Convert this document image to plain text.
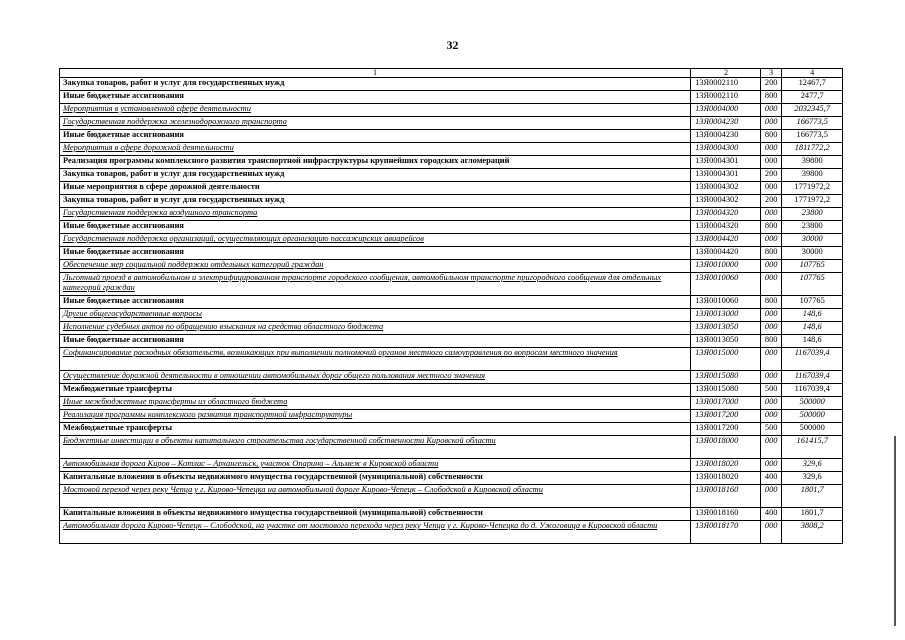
32
1	2	3	4
Закупка товаров, работ и услуг для государственных нужд	13Я0002110	200	12467,7
Иные бюджетные ассигнования	13Я0002110	800	2477,7
Мероприятия в установленной сфере деятельности	13Я0004000	000	2032345,7
Государственная поддержка железнодорожного транспорта	13Я0004230	000	166773,5
Иные бюджетные ассигнования	13Я0004230	800	166773,5
Мероприятия в сфере дорожной деятельности	13Я0004300	000	1811772,2
Реализация программы комплексного развития транспортной инфраструктуры крупнейших городских агломераций	13Я0004301	000	39800
Закупка товаров, работ и услуг для государственных нужд	13Я0004301	200	39800
Иные мероприятия в сфере дорожной деятельности	13Я0004302	000	1771972,2
Закупка товаров, работ и услуг для государственных нужд	13Я0004302	200	1771972,2
Государственная поддержка воздушного транспорта	13Я0004320	000	23800
Иные бюджетные ассигнования	13Я0004320	800	23800
Государственная поддержка организаций, осуществляющих организацию пассажирских авиарейсов	13Я0004420	000	30000
Иные бюджетные ассигнования	13Я0004420	800	30000
Обеспечение мер социальной поддержки отдельных категорий граждан	13Я0010000	000	107765
Льготный проезд в автомобильном и электрифицированном транспорте городского сообщения, автомобильном транспорте пригородного сообщения для отдельных категорий граждан	13Я0010060	000	107765
Иные бюджетные ассигнования	13Я0010060	800	107765
Другие общегосударственные вопросы	13Я0013000	000	148,6
Исполнение судебных актов по обращению взыскания на средства областного бюджета	13Я0013050	000	148,6
Иные бюджетные ассигнования	13Я0013050	800	148,6
Софинансирование расходных обязательств, возникающих при выполнении полномочий органов местного самоуправления по вопросам местного значения	13Я0015000	000	1167039,4
Осуществление дорожной деятельности в отношении автомобильных дорог общего пользования местного значения	13Я0015080	000	1167039,4
Межбюджетные трансферты	13Я0015080	500	1167039,4
Иные межбюджетные трансферты из областного бюджета	13Я0017000	000	500000
Реализация программы комплексного развития транспортной инфраструктуры	13Я0017200	000	500000
Межбюджетные трансферты	13Я0017200	500	500000
Бюджетные инвестиции в объекты капитального строительства государственной собственности Кировской области	13Я0018000	000	161415,7
Автомобильная дорога Киров – Котлас – Архангельск, участок Опарино – Альмеж в Кировской области	13Я0018020	000	329,6
Капитальные вложения в объекты недвижимого имущества государственной (муниципальной) собственности	13Я0018020	400	329,6
Мостовой переход через реку Чепца у г. Кирово-Чепецка на автомобильной дороге Кирово-Чепецк – Слободской в Кировской области	13Я0018160	000	1801,7
Капитальные вложения в объекты недвижимого имущества государственной (муниципальной) собственности	13Я0018160	400	1801,7
Автомобильная дорога Кирово-Чепецк – Слободской, на участке от мостового перехода через реку Чепца у г. Кирово-Чепецка до д. Ужоговица в Кировской области	13Я0018170	000	3808,2
